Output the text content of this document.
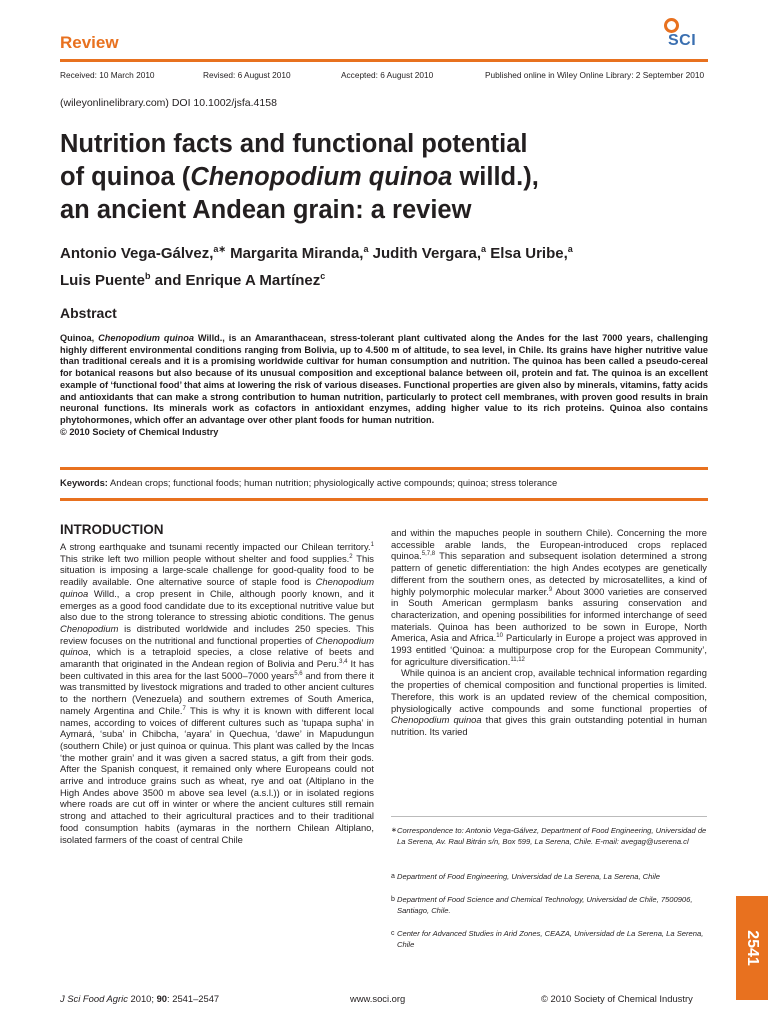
Review	SCI
Received: 10 March 2010	Revised: 6 August 2010	Accepted: 6 August 2010	Published online in Wiley Online Library: 2 September 2010
(wileyonlinelibrary.com) DOI 10.1002/jsfa.4158
Nutrition facts and functional potential
of quinoa (Chenopodium quinoa willd.),
an ancient Andean grain: a review
Antonio Vega-Gálvez,$^{a∗}$ Margarita Miranda,$^a$ Judith Vergara,$^a$ Elsa Uribe,$^a$
Luis Puente$^b$ and Enrique A Martínez$^c$
Abstract
Quinoa, Chenopodium quinoa Willd., is an Amaranthacean, stress-tolerant plant cultivated along the Andes for the last 7000 years, challenging highly different environmental conditions ranging from Bolivia, up to 4.500 m of altitude, to sea level, in Chile. Its grains have higher nutritive value than traditional cereals and it is a promising worldwide cultivar for human consumption and nutrition. The quinoa has been called a pseudo-cereal for botanical reasons but also because of its unusual composition and exceptional balance between oil, protein and fat. The quinoa is an excellent example of ‘functional food’ that aims at lowering the risk of various diseases. Functional properties are given also by minerals, vitamins, fatty acids and antioxidants that can make a strong contribution to human nutrition, particularly to protect cell membranes, with proven good results in brain neuronal functions. Its minerals work as cofactors in antioxidant enzymes, adding higher value to its rich proteins. Quinoa also contains phytohormones, which offer an advantage over other plant foods for human nutrition.
© 2010 Society of Chemical Industry
Keywords: Andean crops; functional foods; human nutrition; physiologically active compounds; quinoa; stress tolerance
INTRODUCTION

A strong earthquake and tsunami recently impacted our Chilean territory.$^1$ This strike left two million people without shelter and food supplies.$^2$ This situation is imposing a large-scale challenge for good-quality food to be readily available. One alternative source of staple food is Chenopodium quinoa Willd., a crop present in Chile, although poorly known, and it emerges as a good food candidate due to its exceptional nutritive value but also due to the strong tolerance to stressing abiotic conditions. The genus Chenopodium is distributed worldwide and includes 250 species. This review focuses on the nutritional and functional properties of Chenopodium quinoa, which is a tetraploid species, a close relative of beets and amaranth that originated in the Andean region of Bolivia and Peru.$^{3,4}$ It has been cultivated in this area for the last 5000–7000 years$^{5,6}$ and from there it was transmitted by livestock migrations and traded to other ancient cultures to the northern (Venezuela) and southern extremes of South America, namely Argentina and Chile.$^7$ This is why it is known with different local names, according to voices of different cultures such as ‘tupapa supha’ in Aymará, ‘suba’ in Chibcha, ‘ayara’ in Quechua, ‘dawe’ in Mapudungun (southern Chile) or just quinoa or quinua. This plant was called by the Incas ‘the mother grain’ and it was given a sacred status, a gift from their gods. After the Spanish conquest, it remained only where Europeans could not arrive and introduce grains such as wheat, rye and oat (Altiplano in the High Andes above 3500 m above sea level (a.s.l.)) or in isolated regions where roads are cut off in winter or where the ancient cultures still remain strong and attached to their agricultural practices and to their traditional food consumption habits (aymaras in the northern Chilean Altiplano, isolated farmers of the coast of central Chile

and within the mapuches people in southern Chile). Concerning the more accessible arable lands, the European-introduced crops replaced quinoa.$^{5,7,8}$ This separation and subsequent isolation determined a strong pattern of genetic differentiation: the high Andes ecotypes are genetically different from the southern ones, as detected by microsatellites, a kind of highly polymorphic molecular marker.$^9$ About 3000 varieties are conserved in South American germplasm banks assuring conservation and characterization, and opening possibilities for informed interchange of seed materials. Quinoa has been authorized to be sown in Europe, North America, Asia and Africa.$^{10}$ Particularly in Europe a project was approved in 1993 entitled ‘Quinoa: a multipurpose crop for the European Community’, for agriculture diversification.$^{11,12}$

While quinoa is an ancient crop, available technical information regarding the properties of chemical composition and functional properties is limited. Therefore, this work is an updated review of the chemical composition, physiologically active compounds and some functional properties of Chenopodium quinoa that gives this grain outstanding potential in human nutrition. Its varied

∗ Correspondence to: Antonio Vega-Gálvez, Department of Food Engineering, Universidad de La Serena, Av. Raul Bitrán s/n, Box 599, La Serena, Chile. E-mail: avegag@userena.cl
a Department of Food Engineering, Universidad de La Serena, La Serena, Chile
b Department of Food Science and Chemical Technology, Universidad de Chile, 7500906, Santiago, Chile.
c Center for Advanced Studies in Arid Zones, CEAZA, Universidad de La Serena, La Serena, Chile	2541
J Sci Food Agric 2010; 90: 2541–2547	www.soci.org	© 2010 Society of Chemical Industry
